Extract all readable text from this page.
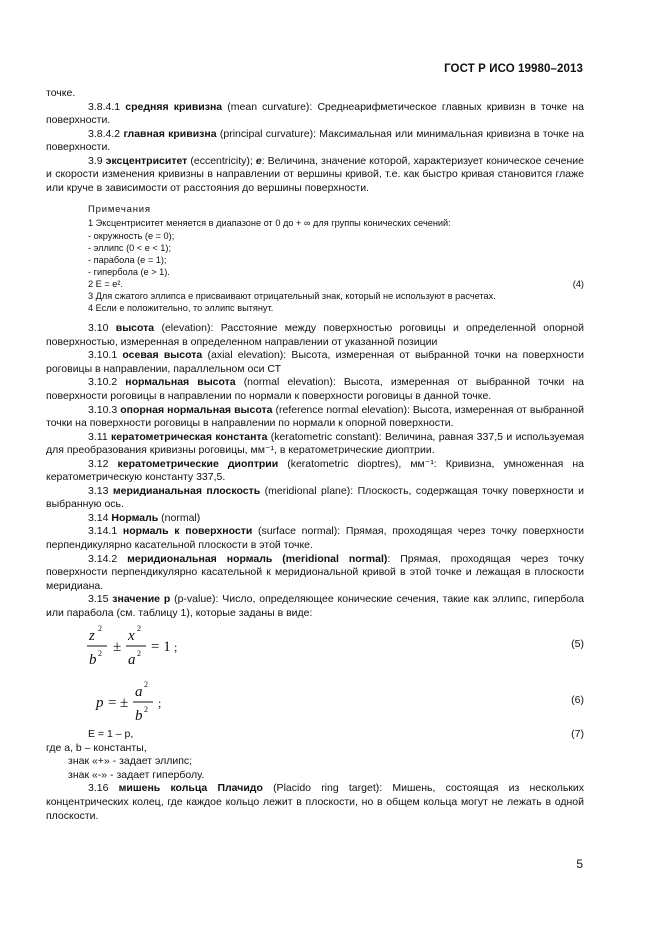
ГОСТ Р ИСО 19980–2013

точке.

3.8.4.1 средняя кривизна (mean curvature): Среднеарифметическое главных кривизн в точке на поверхности.

3.8.4.2 главная кривизна (principal curvature): Максимальная или минимальная кривизна в точке на поверхности.

3.9 эксцентриситет (eccentricity); e: Величина, значение которой, характеризует коническое сечение и скорости изменения кривизны в направлении от вершины кривой, т.е. как быстро кривая становится глаже или круче в зависимости от расстояния до вершины поверхности.

Примечания
1 Эксцентриситет меняется в диапазоне от 0 до + ∞ для группы конических сечений:
- окружность (e = 0);
- эллипс (0 < e < 1);
- парабола (e = 1);
- гипербола (e > 1).
2 E = e².	(4)
3 Для сжатого эллипса e присваивают отрицательный знак, который не используют в расчетах.
4 Если e положительно, то эллипс вытянут.

3.10 высота (elevation): Расстояние между поверхностью роговицы и определенной опорной поверхностью, измеренная в определенном направлении от указанной позиции

3.10.1 осевая высота (axial elevation): Высота, измеренная от выбранной точки на поверхности роговицы в направлении, параллельном оси СТ

3.10.2 нормальная высота (normal elevation): Высота, измеренная от выбранной точки на поверхности роговицы в направлении по нормали к поверхности роговицы в данной точке.

3.10.3 опорная нормальная высота (reference normal elevation): Высота, измеренная от выбранной точки на поверхности роговицы в направлении по нормали к опорной поверхности.

3.11 кератометрическая константа (keratometric constant): Величина, равная 337,5 и используемая для преобразования кривизны роговицы, мм⁻¹, в кератометрические диоптрии.

3.12 кератометрические диоптрии (keratometric dioptres), мм⁻¹: Кривизна, умноженная на кератометрическую константу 337,5.

3.13 меридианальная плоскость (meridional plane): Плоскость, содержащая точку поверхности и выбранную ось.

3.14 Нормаль (normal)

3.14.1 нормаль к поверхности (surface normal): Прямая, проходящая через точку поверхности перпендикулярно касательной плоскости в этой точке.

3.14.2 меридиональная нормаль (meridional normal): Прямая, проходящая через точку поверхности перпендикулярно касательной к меридиональной кривой в этой точке и лежащая в плоскости меридиана.

3.15 значение p (p-value): Число, определяющее конические сечения, такие как эллипс, гипербола или парабола (см. таблицу 1), которые заданы в виде:

z 2
b 2 ±
x 2
a 2 = 1 ;	(5)
p = ±
a 2
b 2 ;	(6)
E = 1 – p,	(7)

где a, b – константы,

знак «+» - задает эллипс;

знак «-» - задает гиперболу.

3.16 мишень кольца Плачидо (Placido ring target): Мишень, состоящая из нескольких концентрических колец, где каждое кольцо лежит в плоскости, но в общем кольца могут не лежать в одной плоскости.

5
